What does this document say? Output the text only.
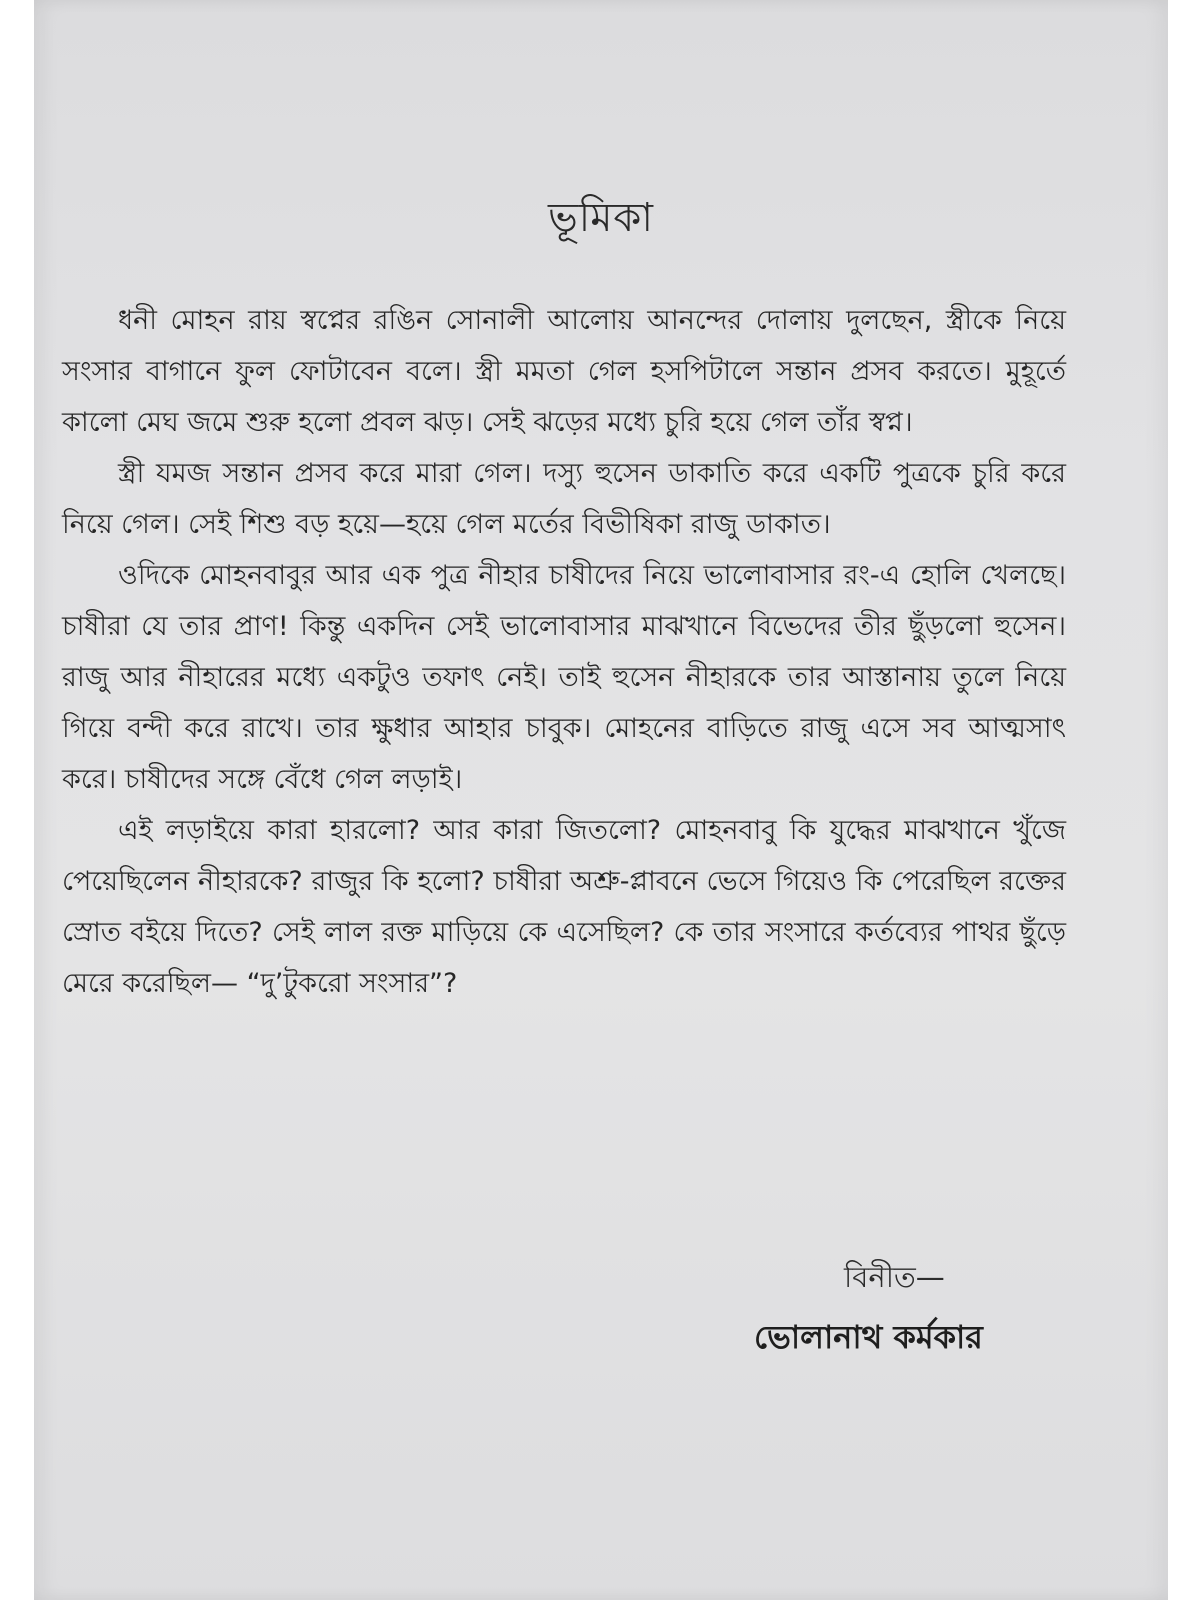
ভূমিকা

ধনী মোহন রায় স্বপ্নের রঙিন সোনালী আলোয় আনন্দের দোলায় দুলছেন, স্ত্রীকে নিয়ে সংসার বাগানে ফুল ফোটাবেন বলে। স্ত্রী মমতা গেল হসপিটালে সন্তান প্রসব করতে। মুহূর্তে কালো মেঘ জমে শুরু হলো প্রবল ঝড়। সেই ঝড়ের মধ্যে চুরি হয়ে গেল তাঁর স্বপ্ন।

স্ত্রী যমজ সন্তান প্রসব করে মারা গেল। দস্যু হুসেন ডাকাতি করে একটি পুত্রকে চুরি করে নিয়ে গেল। সেই শিশু বড় হয়ে—হয়ে গেল মর্তের বিভীষিকা রাজু ডাকাত।

ওদিকে মোহনবাবুর আর এক পুত্র নীহার চাষীদের নিয়ে ভালোবাসার রং-এ হোলি খেলছে। চাষীরা যে তার প্রাণ! কিন্তু একদিন সেই ভালোবাসার মাঝখানে বিভেদের তীর ছুঁড়লো হুসেন। রাজু আর নীহারের মধ্যে একটুও তফাৎ নেই। তাই হুসেন নীহারকে তার আস্তানায় তুলে নিয়ে গিয়ে বন্দী করে রাখে। তার ক্ষুধার আহার চাবুক। মোহনের বাড়িতে রাজু এসে সব আত্মসাৎ করে। চাষীদের সঙ্গে বেঁধে গেল লড়াই।

এই লড়াইয়ে কারা হারলো? আর কারা জিতলো? মোহনবাবু কি যুদ্ধের মাঝখানে খুঁজে পেয়েছিলেন নীহারকে? রাজুর কি হলো? চাষীরা অশ্রু-প্লাবনে ভেসে গিয়েও কি পেরেছিল রক্তের স্রোত বইয়ে দিতে? সেই লাল রক্ত মাড়িয়ে কে এসেছিল? কে তার সংসারে কর্তব্যের পাথর ছুঁড়ে মেরে করেছিল— “দু’টুকরো সংসার”?

বিনীত—
ভোলানাথ কর্মকার
